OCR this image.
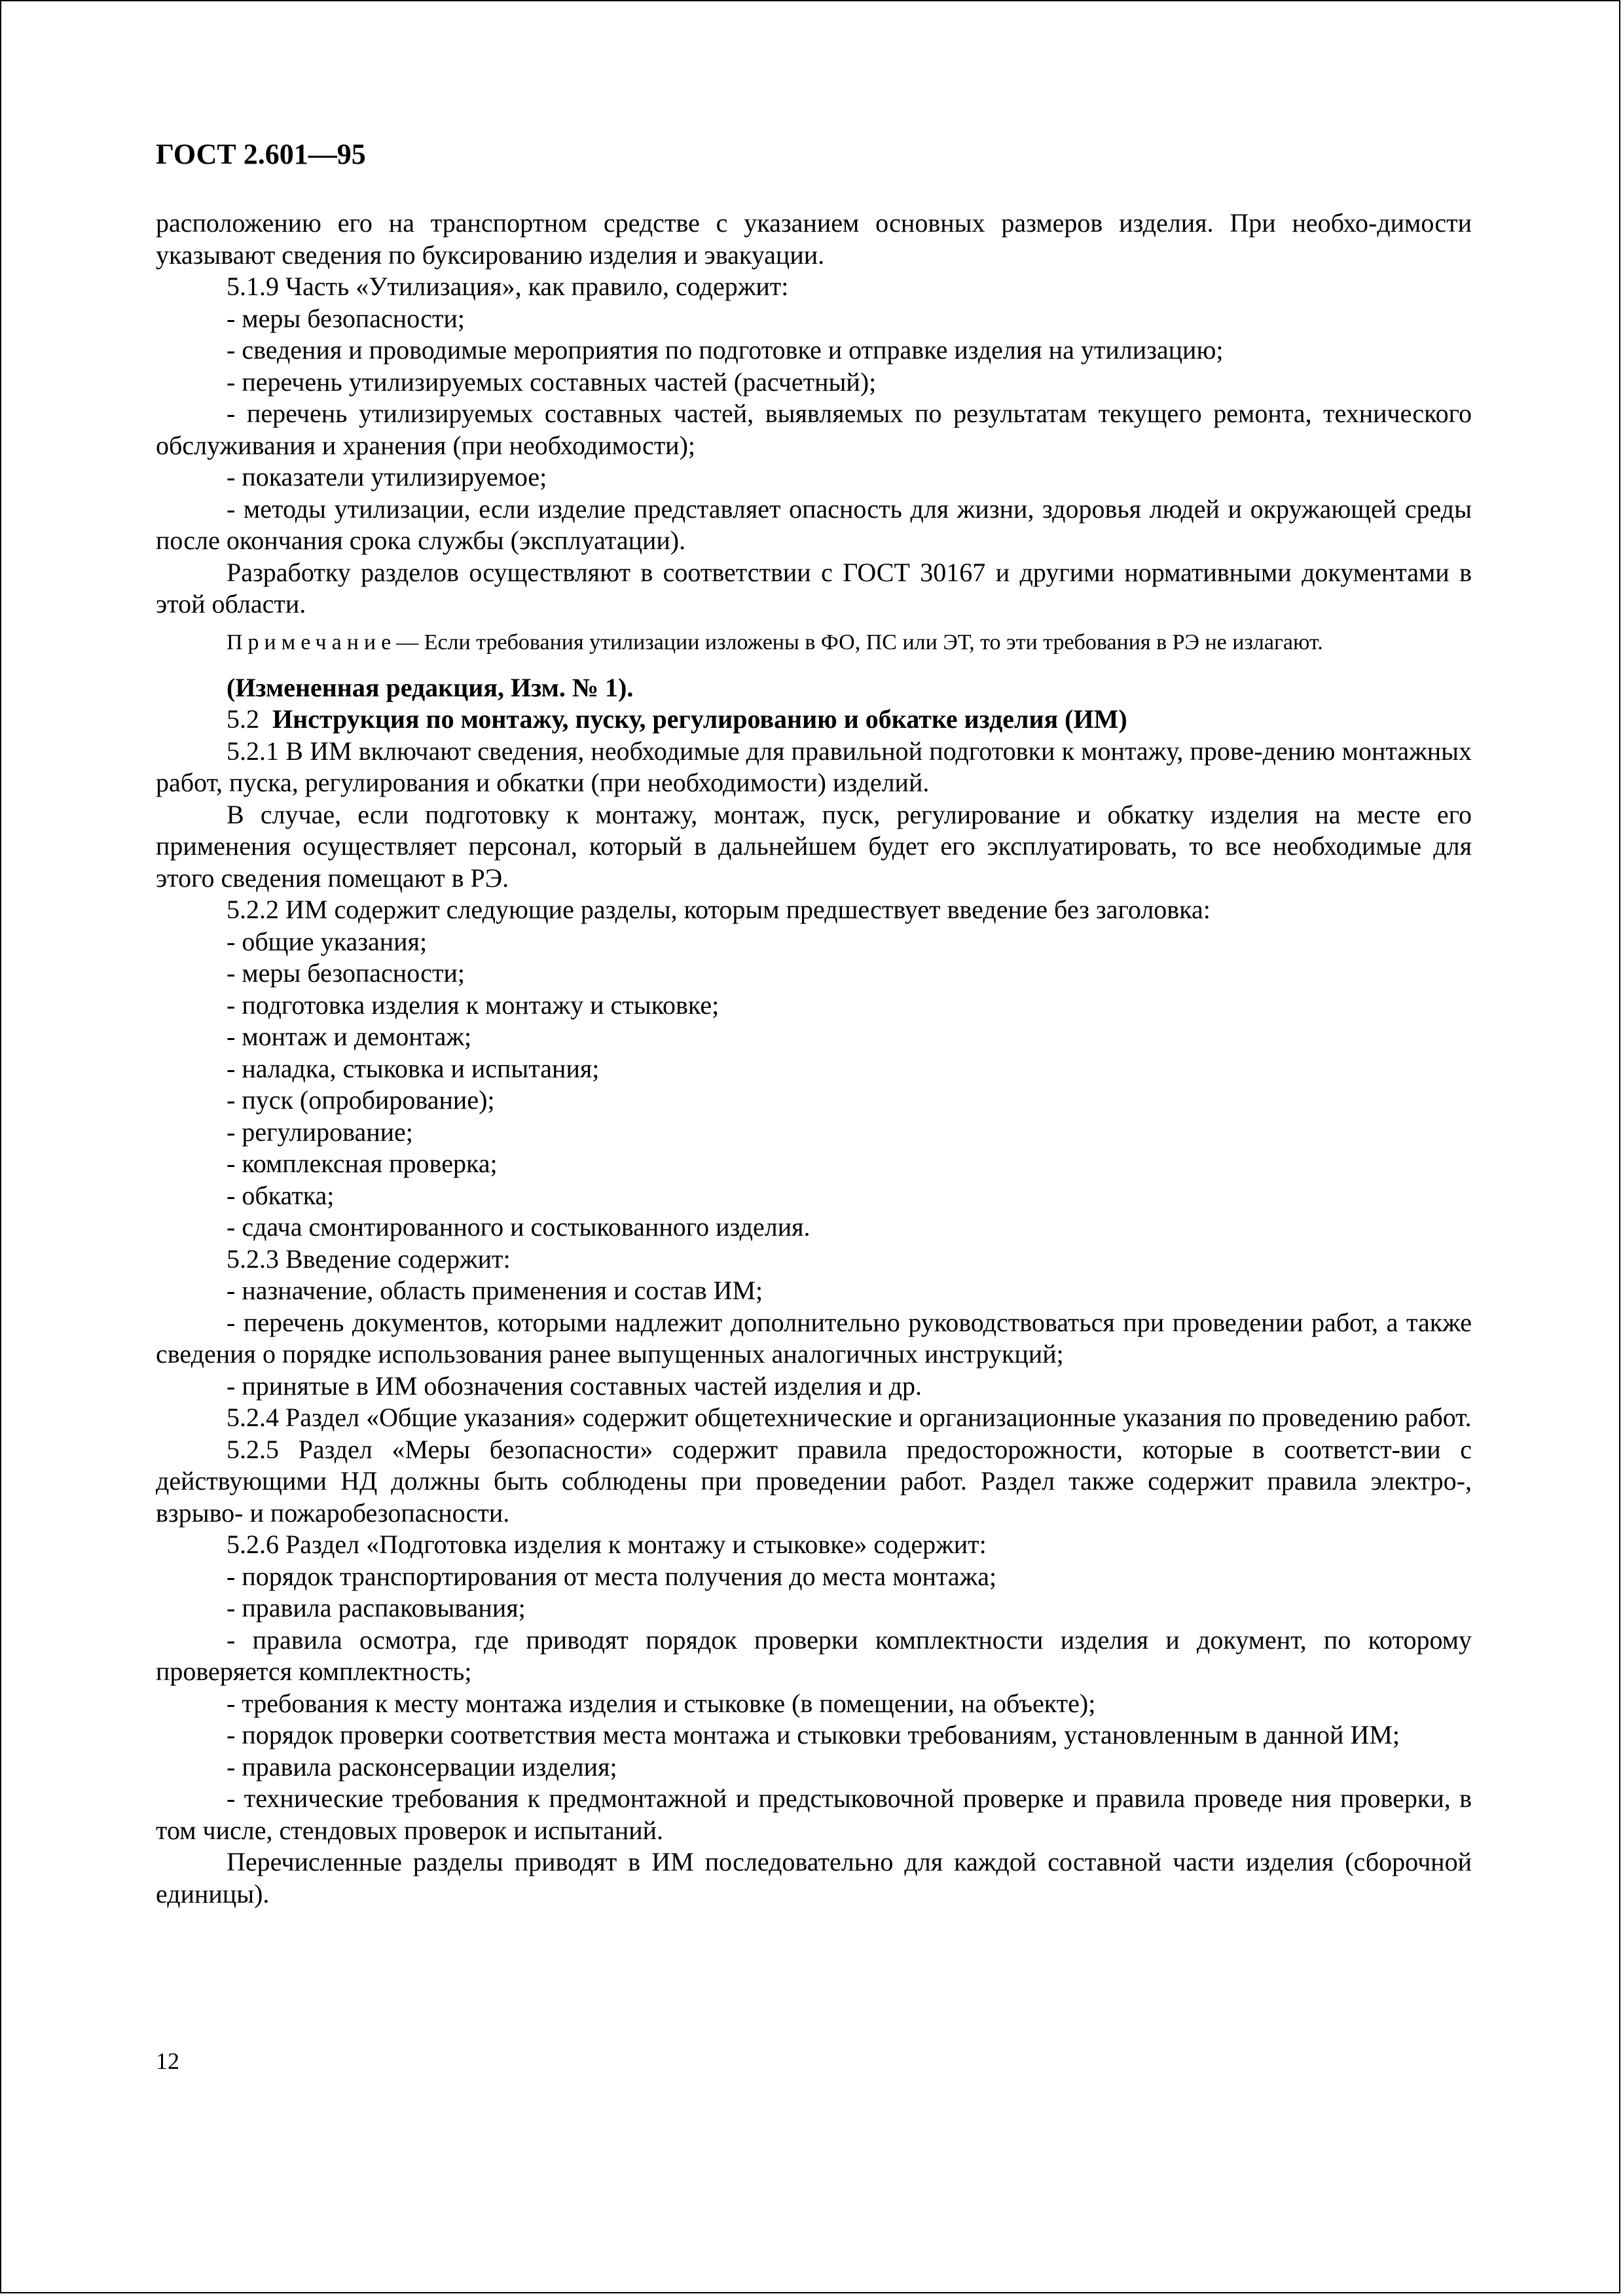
ГОСТ 2.601—95

расположению его на транспортном средстве с указанием основных размеров изделия. При необхо-димости указывают сведения по буксированию изделия и эвакуации.

5.1.9 Часть «Утилизация», как правило, содержит:

- меры безопасности;

- сведения и проводимые мероприятия по подготовке и отправке изделия на утилизацию;

- перечень утилизируемых составных частей (расчетный);

- перечень утилизируемых составных частей, выявляемых по результатам текущего ремонта, технического обслуживания и хранения (при необходимости);

- показатели утилизируемое;

- методы утилизации, если изделие представляет опасность для жизни, здоровья людей и окружающей среды после окончания срока службы (эксплуатации).

Разработку разделов осуществляют в соответствии с ГОСТ 30167 и другими нормативными документами в этой области.

Примечание— Если требования утилизации изложены в ФО, ПС или ЭТ, то эти требования в РЭ не излагают.

(Измененная редакция, Изм. № 1).

5.2 Инструкция по монтажу, пуску, регулированию и обкатке изделия (ИМ)

5.2.1 В ИМ включают сведения, необходимые для правильной подготовки к монтажу, прове-дению монтажных работ, пуска, регулирования и обкатки (при необходимости) изделий.

В случае, если подготовку к монтажу, монтаж, пуск, регулирование и обкатку изделия на месте его применения осуществляет персонал, который в дальнейшем будет его эксплуатировать, то все необходимые для этого сведения помещают в РЭ.

5.2.2 ИМ содержит следующие разделы, которым предшествует введение без заголовка:

- общие указания;

- меры безопасности;

- подготовка изделия к монтажу и стыковке;

- монтаж и демонтаж;

- наладка, стыковка и испытания;

- пуск (опробирование);

- регулирование;

- комплексная проверка;

- обкатка;

- сдача смонтированного и состыкованного изделия.

5.2.3 Введение содержит:

- назначение, область применения и состав ИМ;

- перечень документов, которыми надлежит дополнительно руководствоваться при проведении работ, а также сведения о порядке использования ранее выпущенных аналогичных инструкций;

- принятые в ИМ обозначения составных частей изделия и др.

5.2.4 Раздел «Общие указания» содержит общетехнические и организационные указания по проведению работ.

5.2.5 Раздел «Меры безопасности» содержит правила предосторожности, которые в соответст-вии с действующими НД должны быть соблюдены при проведении работ. Раздел также содержит правила электро-, взрыво- и пожаробезопасности.

5.2.6 Раздел «Подготовка изделия к монтажу и стыковке» содержит:

- порядок транспортирования от места получения до места монтажа;

- правила распаковывания;

- правила осмотра, где приводят порядок проверки комплектности изделия и документ, по которому проверяется комплектность;

- требования к месту монтажа изделия и стыковке (в помещении, на объекте);

- порядок проверки соответствия места монтажа и стыковки требованиям, установленным в данной ИМ;

- правила расконсервации изделия;

- технические требования к предмонтажной и предстыковочной проверке и правила проведе ния проверки, в том числе, стендовых проверок и испытаний.

Перечисленные разделы приводят в ИМ последовательно для каждой составной части изделия (сборочной единицы).

12
